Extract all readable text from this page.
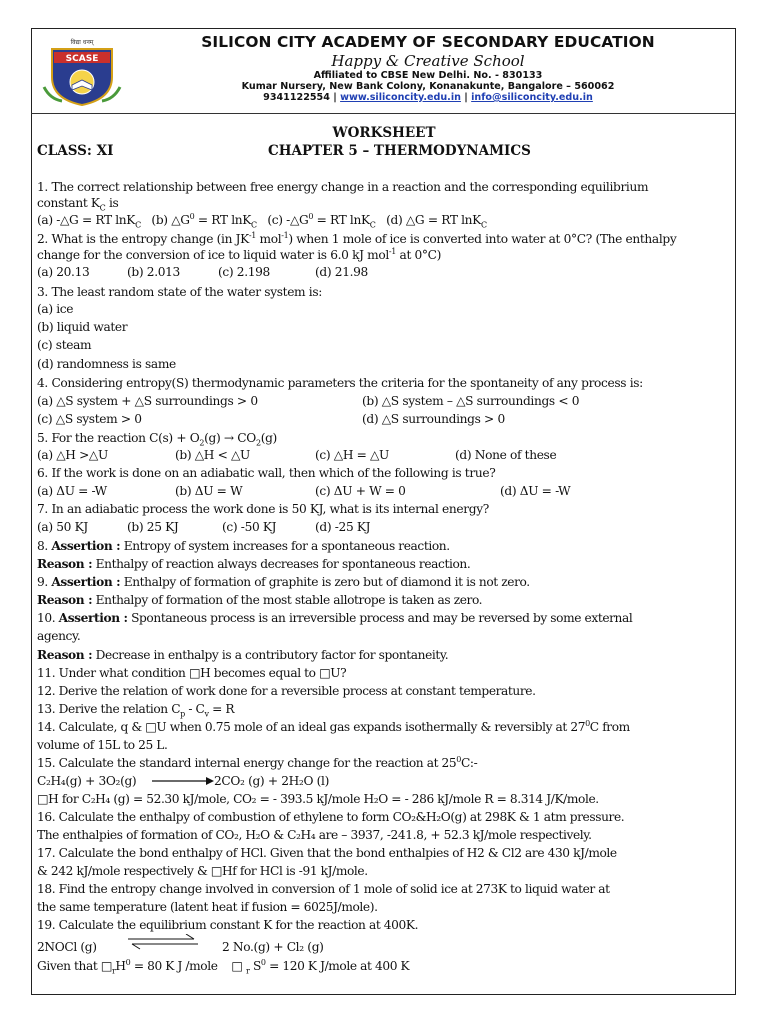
विद्या धनम्
SCASE
SILICON CITY ACADEMY OF SECONDARY EDUCATION
Happy & Creative School
Affiliated to CBSE New Delhi. No. - 830133
Kumar Nursery, New Bank Colony, Konanakunte, Bangalore – 560062
9341122554 | www.siliconcity.edu.in | info@siliconcity.edu.in
WORKSHEET
CLASS: XI	CHAPTER 5 – THERMODYNAMICS
1. The correct relationship between free energy change in a reaction and the corresponding equilibrium
constant $K_C$ is
(a) -△G = RT lnK$_C$   (b) $\triangle G^0$ = RT lnK$_C$   (c) $-\triangle G^0$ = RT lnK$_C$   (d) △G = RT lnK$_C$
2. What is the entropy change (in $JK^{-1}$ mol$^{-1}$) when 1 mole of ice is converted into water at 0°C? (The enthalpy
change for the conversion of ice to liquid water is 6.0 kJ mol$^{-1}$ at 0°C)
(a) 20.13	(b) 2.013	(c) 2.198	(d) 21.98
3. The least random state of the water system is:
(a) ice
(b) liquid water
(c) steam
(d) randomness is same
4. Considering entropy(S) thermodynamic parameters the criteria for the spontaneity of any process is:
(a) △S system + △S surroundings > 0	(b) △S system – △S surroundings < 0
(c) △S system > 0	(d) △S surroundings > 0
5. For the reaction $C(s) + O_2(g) \to CO_2(g)$
(a) △H >△U	(b) △H < △U	(c) △H = △U	(d) None of these
6. If the work is done on an adiabatic wall, then which of the following is true?
(a) ΔU = -W	(b) ΔU = W	(c) ΔU + W = 0	(d) ΔU = -W
7. In an adiabatic process the work done is 50 KJ, what is its internal energy?
(a) 50 KJ	(b) 25 KJ	(c) -50 KJ	(d) -25 KJ
8. Assertion : Entropy of system increases for a spontaneous reaction.
Reason : Enthalpy of reaction always decreases for spontaneous reaction.
9. Assertion : Enthalpy of formation of graphite is zero but of diamond it is not zero.
Reason : Enthalpy of formation of the most stable allotrope is taken as zero.
10. Assertion : Spontaneous process is an irreversible process and may be reversed by some external
agency.
Reason : Decrease in enthalpy is a contributory factor for spontaneity.
11. Under what condition □H becomes equal to □U?
12. Derive the relation of work done for a reversible process at constant temperature.
13. Derive the relation $C_p - C_v = R$
14. Calculate, q & □U when 0.75 mole of an ideal gas expands isothermally & reversibly at $27^0C$ from
volume of 15L to 25 L.
15. Calculate the standard internal energy change for the reaction at $25^0C:-$
C₂H₄(g) + 3O₂(g) → 2CO₂ (g) + 2H₂O (l)
□H for C₂H₄ (g) = 52.30 kJ/mole, CO₂ = - 393.5 kJ/mole H₂O = - 286 kJ/mole R = 8.314 J/K/mole.
16. Calculate the enthalpy of combustion of ethylene to form CO₂&H₂O(g) at 298K & 1 atm pressure.
The enthalpies of formation of CO₂, H₂O & C₂H₄ are – 3937, -241.8, + 52.3 kJ/mole respectively.
17. Calculate the bond enthalpy of HCl. Given that the bond enthalpies of H2 & Cl2 are 430 kJ/mole
& 242 kJ/mole respectively & □Hf for HCl is -91 kJ/mole.
18. Find the entropy change involved in conversion of 1 mole of solid ice at 273K to liquid water at
the same temperature (latent heat if fusion = 6025J/mole).
19. Calculate the equilibrium constant K for the reaction at 400K.
2NOCl (g)	2 No.(g) + Cl₂ (g)
Given that $□_rH^0 = 80$ K J /mole    □ $_r$ $S^0 = 120$ K J/mole at 400 K
